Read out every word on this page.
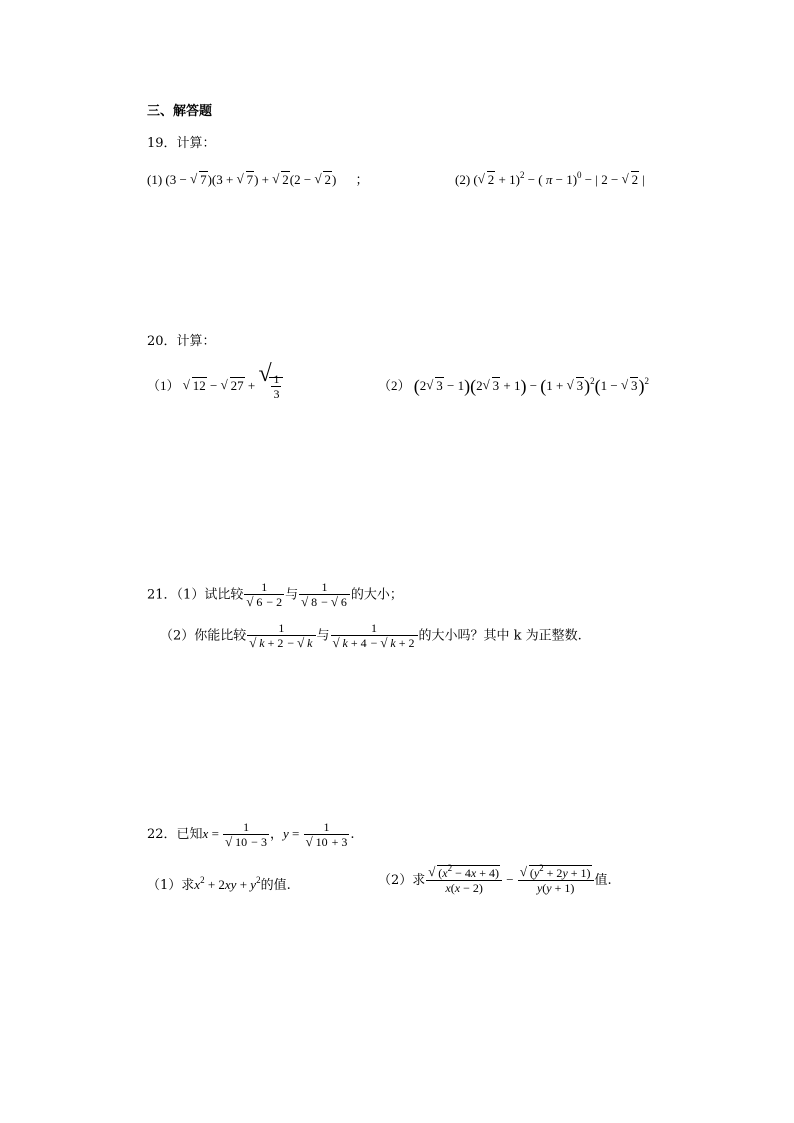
三、解答题
19．计算：
(1) (3 − √ 7)(3 + √ 7) + √ 2(2 − √ 2) ；	(2) ( √ 2 + 1)$^2$ − ( π − 1)$^0$ − | 2 − √ 2 |
20．计算：
（1） √ 12 − √ 27 + √ $\frac{1}{3}$	（2） (2 √ 3 − 1)(2 √ 3 + 1) − (1 + √ 3)$^2$(1 − √ 3)$^2$
21．（1）试比较 $\frac{1}{√ 6 - 2}$ 与 $\frac{1}{√ 8 - √ 6}$ 的大小；
（2）你能比较 $\frac{1}{√ k + 2 - √ k}$ 与 $\frac{1}{√ k + 4 - √ k + 2}$ 的大小吗？其中 k 为正整数.
22．已知$x = \frac{1}{√ 10 - 3}$ ，$y = \frac{1}{√ 10 + 3}$ .
（1）求$x^2 + 2xy + y^2$的值.	（2）求 $\frac{√ (x^2 - 4x + 4)}{x(x - 2)} - \frac{√ (y^2 + 2y + 1)}{y(y + 1)}$ 值.
